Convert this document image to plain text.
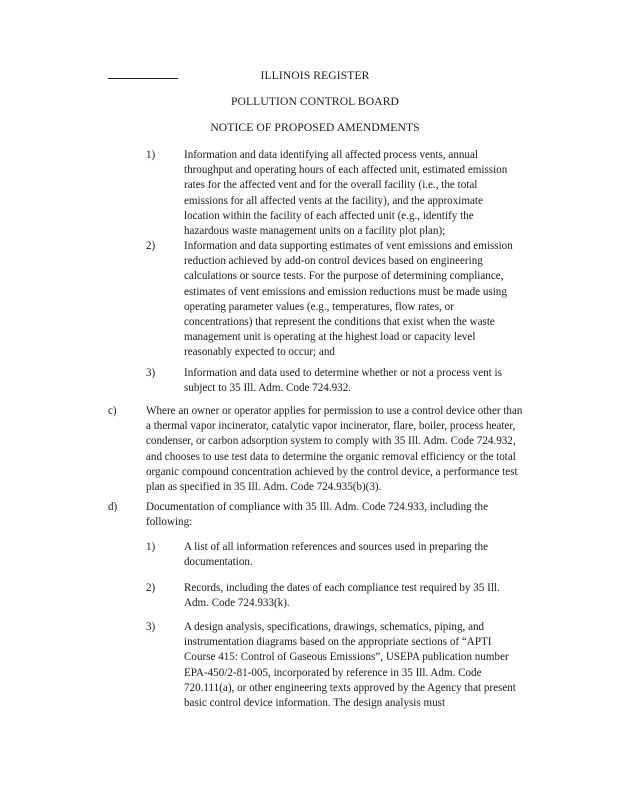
ILLINOIS REGISTER
POLLUTION CONTROL BOARD
NOTICE OF PROPOSED AMENDMENTS
1)	Information and data identifying all affected process vents, annual throughput and operating hours of each affected unit, estimated emission rates for the affected vent and for the overall facility (i.e., the total emissions for all affected vents at the facility), and the approximate location within the facility of each affected unit (e.g., identify the hazardous waste management units on a facility plot plan);
2)	Information and data supporting estimates of vent emissions and emission reduction achieved by add-on control devices based on engineering calculations or source tests. For the purpose of determining compliance, estimates of vent emissions and emission reductions must be made using operating parameter values (e.g., temperatures, flow rates, or concentrations) that represent the conditions that exist when the waste management unit is operating at the highest load or capacity level reasonably expected to occur; and
3)	Information and data used to determine whether or not a process vent is subject to 35 Ill. Adm. Code 724.932.
c)	Where an owner or operator applies for permission to use a control device other than a thermal vapor incinerator, catalytic vapor incinerator, flare, boiler, process heater, condenser, or carbon adsorption system to comply with 35 Ill. Adm. Code 724.932, and chooses to use test data to determine the organic removal efficiency or the total organic compound concentration achieved by the control device, a performance test plan as specified in 35 Ill. Adm. Code 724.935(b)(3).
d)	Documentation of compliance with 35 Ill. Adm. Code 724.933, including the following:
1)	A list of all information references and sources used in preparing the documentation.
2)	Records, including the dates of each compliance test required by 35 Ill. Adm. Code 724.933(k).
3)	A design analysis, specifications, drawings, schematics, piping, and instrumentation diagrams based on the appropriate sections of “APTI Course 415: Control of Gaseous Emissions”, USEPA publication number EPA-450/2-81-005, incorporated by reference in 35 Ill. Adm. Code 720.111(a), or other engineering texts approved by the Agency that present basic control device information. The design analysis must
